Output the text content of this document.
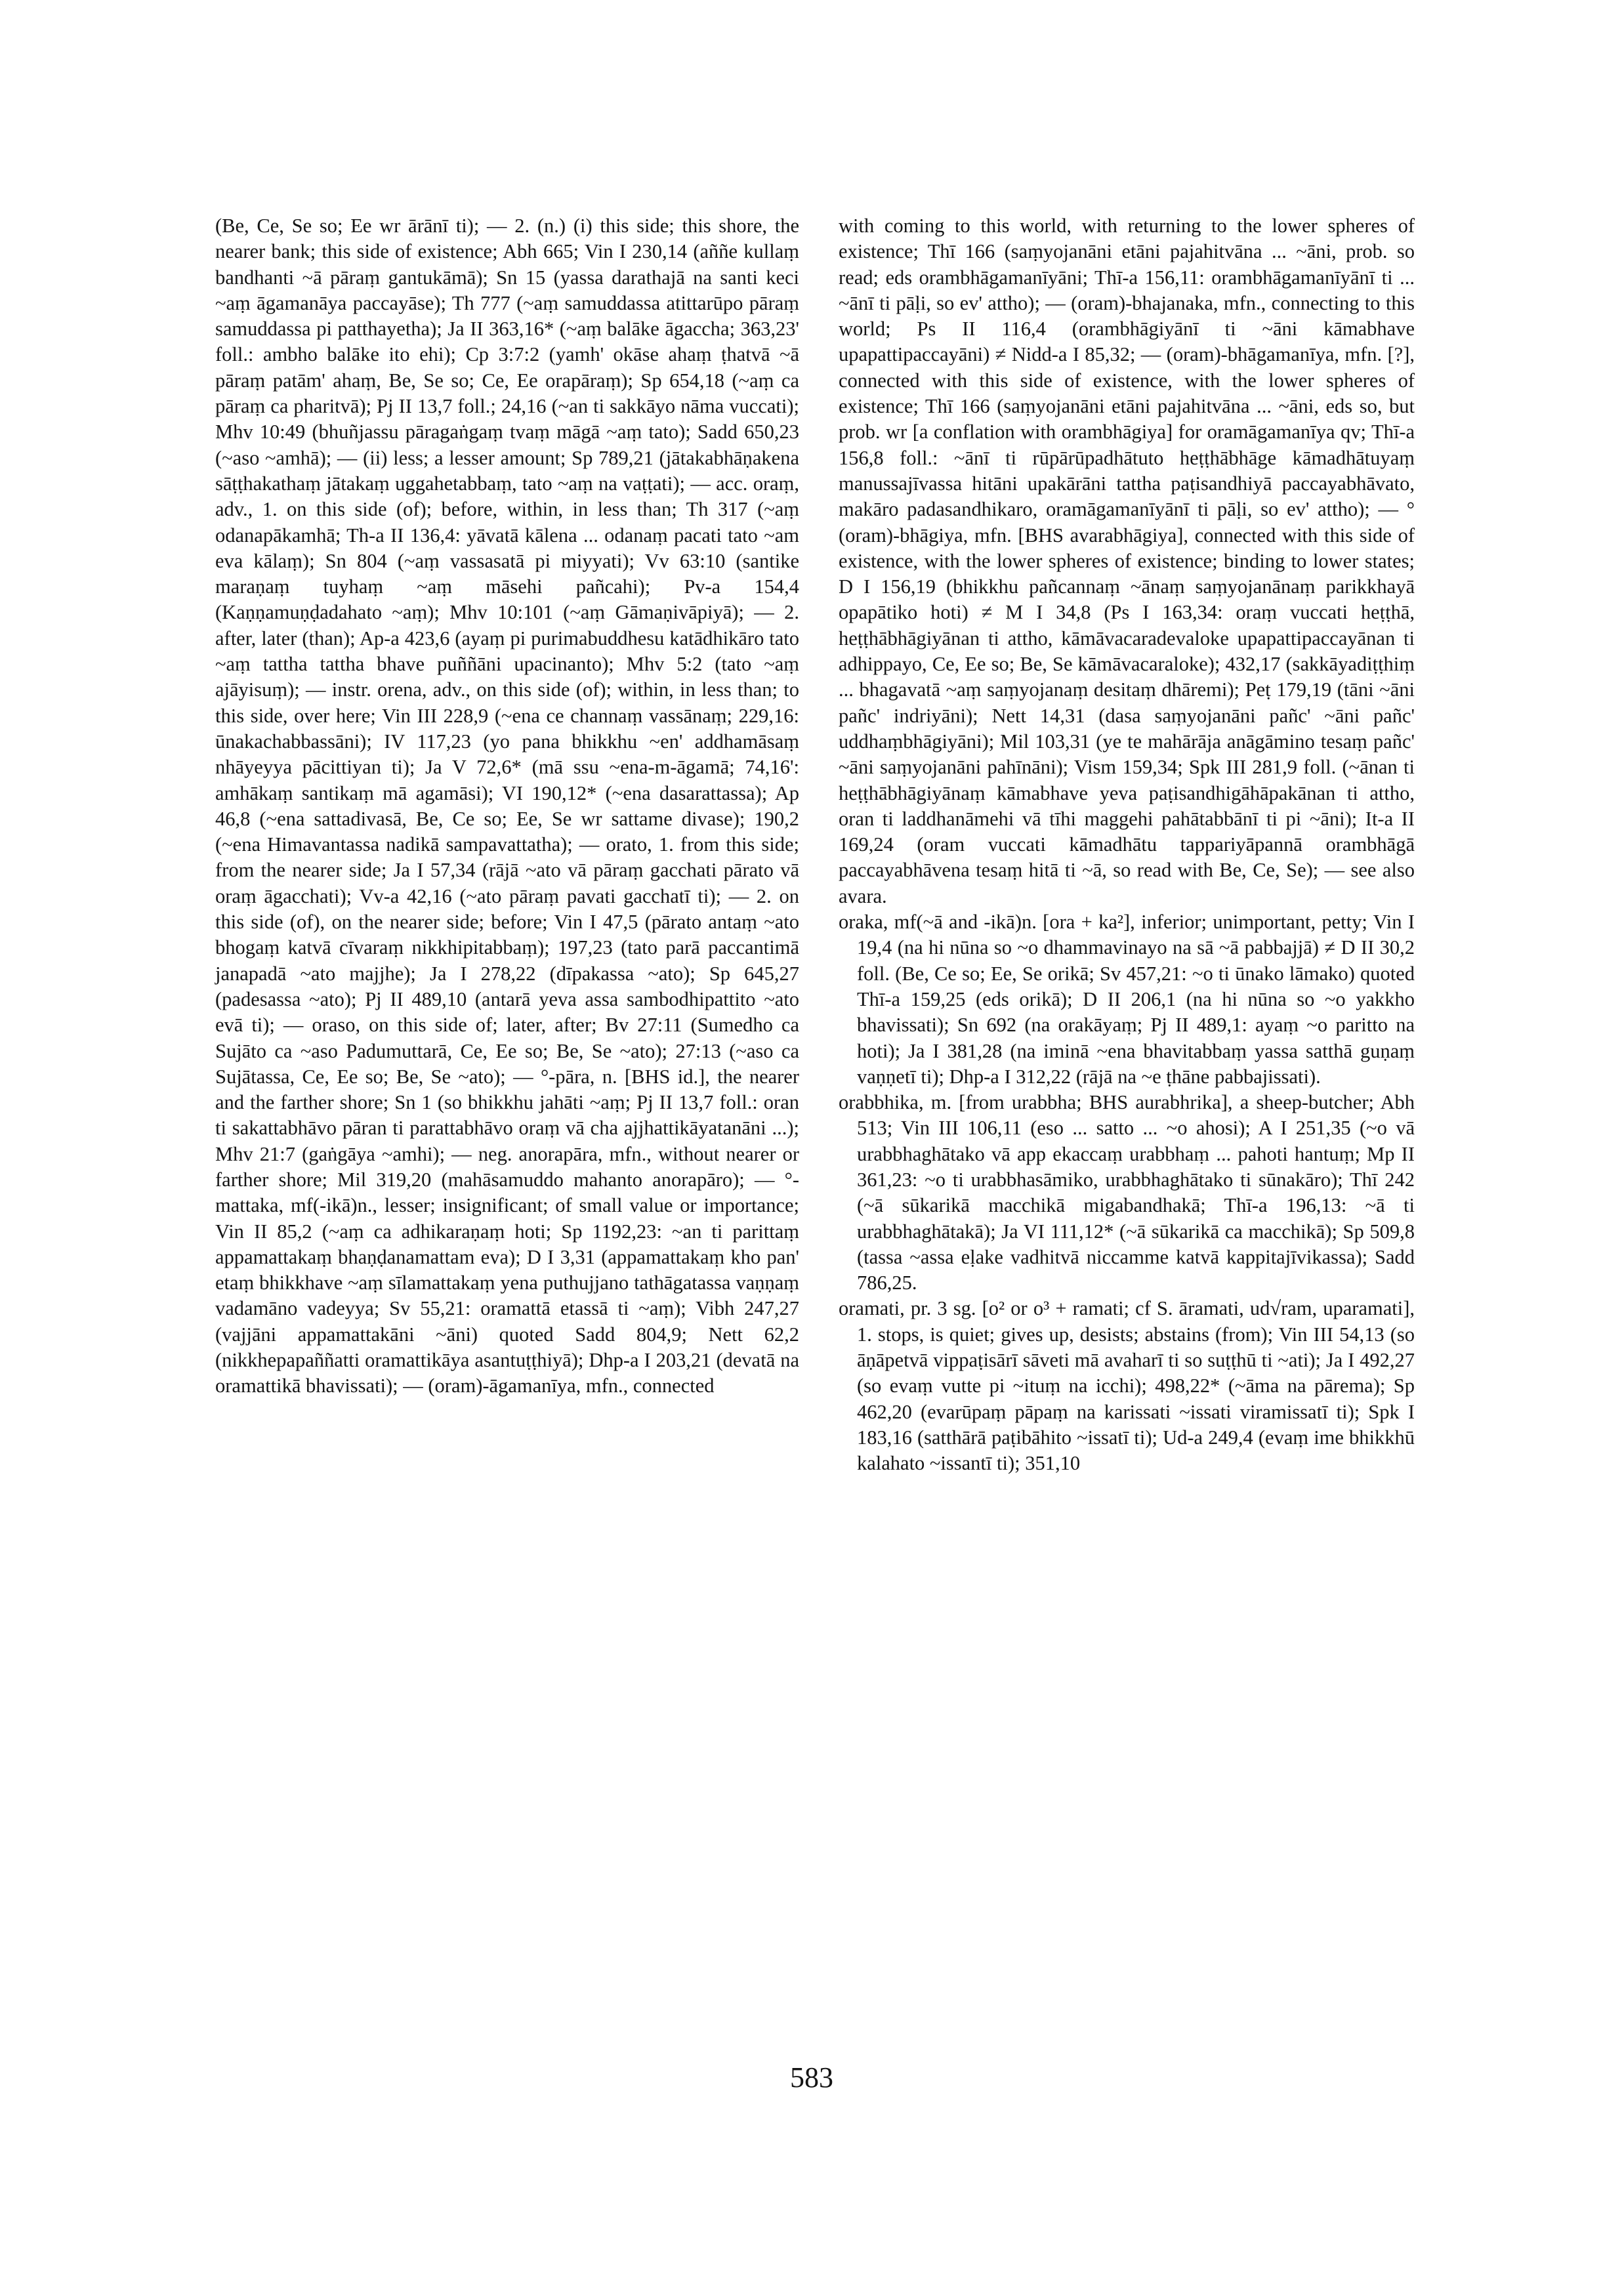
(Be, Ce, Se so; Ee wr ārānī ti); — 2. (n.) (i) this side; this shore, the nearer bank; this side of existence; Abh 665; Vin I 230,14 (aññe kullaṃ bandhanti ~ā pāraṃ gantukāmā); Sn 15 (yassa darathajā na santi keci ~aṃ āgamanāya paccayāse); Th 777 (~aṃ samuddassa atittarūpo pāraṃ samuddassa pi patthayetha); Ja II 363,16* (~aṃ balāke āgaccha; 363,23' foll.: ambho balāke ito ehi); Cp 3:7:2 (yamh' okāse ahaṃ ṭhatvā ~ā pāraṃ patām' ahaṃ, Be, Se so; Ce, Ee orapāraṃ); Sp 654,18 (~aṃ ca pāraṃ ca pharitvā); Pj II 13,7 foll.; 24,16 (~an ti sakkāyo nāma vuccati); Mhv 10:49 (bhuñjassu pāragaṅgaṃ tvaṃ māgā ~aṃ tato); Sadd 650,23 (~aso ~amhā); — (ii) less; a lesser amount; Sp 789,21 (jātakabhāṇakena sāṭṭhakathaṃ jātakaṃ uggahetabbaṃ, tato ~aṃ na vaṭṭati); — acc. oraṃ, adv., 1. on this side (of); before, within, in less than; Th 317 (~aṃ odanapākamhā; Th-a II 136,4: yāvatā kālena ... odanaṃ pacati tato ~am eva kālaṃ); Sn 804 (~aṃ vassasatā pi miyyati); Vv 63:10 (santike maraṇaṃ tuyhaṃ ~aṃ māsehi pañcahi); Pv-a 154,4 (Kaṇṇamuṇḍadahato ~aṃ); Mhv 10:101 (~aṃ Gāmaṇivāpiyā); — 2. after, later (than); Ap-a 423,6 (ayaṃ pi purimabuddhesu katādhikāro tato ~aṃ tattha tattha bhave puññāni upacinanto); Mhv 5:2 (tato ~aṃ ajāyisuṃ); — instr. orena, adv., on this side (of); within, in less than; to this side, over here; Vin III 228,9 (~ena ce channaṃ vassānaṃ; 229,16: ūnakachabbassāni); IV 117,23 (yo pana bhikkhu ~en' addhamāsaṃ nhāyeyya pācittiyan ti); Ja V 72,6* (mā ssu ~ena-m-āgamā; 74,16': amhākaṃ santikaṃ mā agamāsi); VI 190,12* (~ena dasarattassa); Ap 46,8 (~ena sattadivasā, Be, Ce so; Ee, Se wr sattame divase); 190,2 (~ena Himavantassa nadikā sampavattatha); — orato, 1. from this side; from the nearer side; Ja I 57,34 (rājā ~ato vā pāraṃ gacchati pārato vā oraṃ āgacchati); Vv-a 42,16 (~ato pāraṃ pavati gacchatī ti); — 2. on this side (of), on the nearer side; before; Vin I 47,5 (pārato antaṃ ~ato bhogaṃ katvā cīvaraṃ nikkhipitabbaṃ); 197,23 (tato parā paccantimā janapadā ~ato majjhe); Ja I 278,22 (dīpakassa ~ato); Sp 645,27 (padesassa ~ato); Pj II 489,10 (antarā yeva assa sambodhipattito ~ato evā ti); — oraso, on this side of; later, after; Bv 27:11 (Sumedho ca Sujāto ca ~aso Padumuttarā, Ce, Ee so; Be, Se ~ato); 27:13 (~aso ca Sujātassa, Ce, Ee so; Be, Se ~ato); — °-pāra, n. [BHS id.], the nearer and the farther shore; Sn 1 (so bhikkhu jahāti ~aṃ; Pj II 13,7 foll.: oran ti sakattabhāvo pāran ti parattabhāvo oraṃ vā cha ajjhattikāyatanāni ...); Mhv 21:7 (gaṅgāya ~amhi); — neg. anorapāra, mfn., without nearer or farther shore; Mil 319,20 (mahāsamuddo mahanto anorapāro); — °-mattaka, mf(-ikā)n., lesser; insignificant; of small value or importance; Vin II 85,2 (~aṃ ca adhikaraṇaṃ hoti; Sp 1192,23: ~an ti parittaṃ appamattakaṃ bhaṇḍanamattam eva); D I 3,31 (appamattakaṃ kho pan' etaṃ bhikkhave ~aṃ sīlamattakaṃ yena puthujjano tathāgatassa vaṇṇaṃ vadamāno vadeyya; Sv 55,21: oramattā etassā ti ~aṃ); Vibh 247,27 (vajjāni appamattakāni ~āni) quoted Sadd 804,9; Nett 62,2 (nikkhepapaññatti oramattikāya asantuṭṭhiyā); Dhp-a I 203,21 (devatā na oramattikā bhavissati); — (oram)-āgamanīya, mfn., connected

with coming to this world, with returning to the lower spheres of existence; Thī 166 (saṃyojanāni etāni pajahitvāna ... ~āni, prob. so read; eds orambhāgamanīyāni; Thī-a 156,11: orambhāgamanīyānī ti ... ~ānī ti pāḷi, so ev' attho); — (oram)-bhajanaka, mfn., connecting to this world; Ps II 116,4 (orambhāgiyānī ti ~āni kāmabhave upapattipaccayāni) ≠ Nidd-a I 85,32; — (oram)-bhāgamanīya, mfn. [?], connected with this side of existence, with the lower spheres of existence; Thī 166 (saṃyojanāni etāni pajahitvāna ... ~āni, eds so, but prob. wr [a conflation with orambhāgiya] for oramāgamanīya qv; Thī-a 156,8 foll.: ~ānī ti rūpārūpadhātuto heṭṭhābhāge kāmadhātuyaṃ manussajīvassa hitāni upakārāni tattha paṭisandhiyā paccayabhāvato, makāro padasandhikaro, oramāgamanīyānī ti pāḷi, so ev' attho); — °(oram)-bhāgiya, mfn. [BHS avarabhāgiya], connected with this side of existence, with the lower spheres of existence; binding to lower states; D I 156,19 (bhikkhu pañcannaṃ ~ānaṃ saṃyojanānaṃ parikkhayā opapātiko hoti) ≠ M I 34,8 (Ps I 163,34: oraṃ vuccati heṭṭhā, heṭṭhābhāgiyānan ti attho, kāmāvacaradevaloke upapattipaccayānan ti adhippayo, Ce, Ee so; Be, Se kāmāvacaraloke); 432,17 (sakkāyadiṭṭhiṃ ... bhagavatā ~aṃ saṃyojanaṃ desitaṃ dhāremi); Peṭ 179,19 (tāni ~āni pañc' indriyāni); Nett 14,31 (dasa saṃyojanāni pañc' ~āni pañc' uddhaṃbhāgiyāni); Mil 103,31 (ye te mahārāja anāgāmino tesaṃ pañc' ~āni saṃyojanāni pahīnāni); Vism 159,34; Spk III 281,9 foll. (~ānan ti heṭṭhābhāgiyānaṃ kāmabhave yeva paṭisandhigāhāpakānan ti attho, oran ti laddhanāmehi vā tīhi maggehi pahātabbānī ti pi ~āni); It-a II 169,24 (oram vuccati kāmadhātu tappariyāpannā orambhāgā paccayabhāvena tesaṃ hitā ti ~ā, so read with Be, Ce, Se); — see also avara.

oraka, mf(~ā and -ikā)n. [ora + ka²], inferior; unimportant, petty; Vin I 19,4 (na hi nūna so ~o dhammavinayo na sā ~ā pabbajjā) ≠ D II 30,2 foll. (Be, Ce so; Ee, Se orikā; Sv 457,21: ~o ti ūnako lāmako) quoted Thī-a 159,25 (eds orikā); D II 206,1 (na hi nūna so ~o yakkho bhavissati); Sn 692 (na orakāyaṃ; Pj II 489,1: ayaṃ ~o paritto na hoti); Ja I 381,28 (na iminā ~ena bhavitabbaṃ yassa satthā guṇaṃ vaṇṇetī ti); Dhp-a I 312,22 (rājā na ~e ṭhāne pabbajissati).

orabbhika, m. [from urabbha; BHS aurabhrika], a sheep-butcher; Abh 513; Vin III 106,11 (eso ... satto ... ~o ahosi); A I 251,35 (~o vā urabbhaghātako vā app ekaccaṃ urabbhaṃ ... pahoti hantuṃ; Mp II 361,23: ~o ti urabbhasāmiko, urabbhaghātako ti sūnakāro); Thī 242 (~ā sūkarikā macchikā migabandhakā; Thī-a 196,13: ~ā ti urabbhaghātakā); Ja VI 111,12* (~ā sūkarikā ca macchikā); Sp 509,8 (tassa ~assa eḷake vadhitvā niccamme katvā kappitajīvikassa); Sadd 786,25.

oramati, pr. 3 sg. [o² or o³ + ramati; cf S. āramati, ud√ram, uparamati], 1. stops, is quiet; gives up, desists; abstains (from); Vin III 54,13 (so āṇāpetvā vippaṭisārī sāveti mā avaharī ti so suṭṭhū ti ~ati); Ja I 492,27 (so evaṃ vutte pi ~ituṃ na icchi); 498,22* (~āma na pārema); Sp 462,20 (evarūpaṃ pāpaṃ na karissati ~issati viramissatī ti); Spk I 183,16 (satthārā paṭibāhito ~issatī ti); Ud-a 249,4 (evaṃ ime bhikkhū kalahato ~issantī ti); 351,10

583
